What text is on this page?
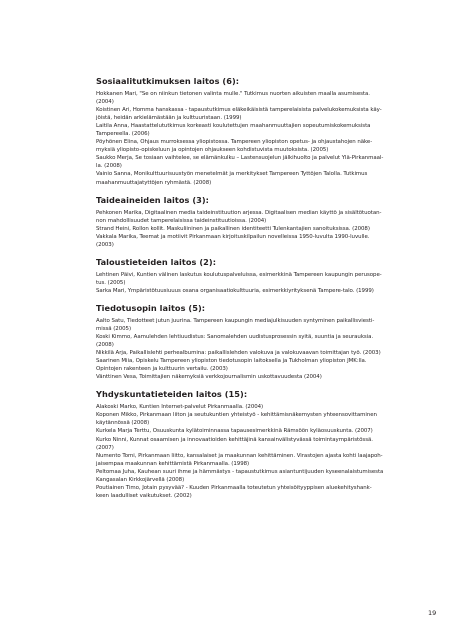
Sosiaalitutkimuksen laitos (6):
Hokkanen Mari, "Se on niinkun tietonen valinta mulle." Tutkimus nuorten aikuisten maalla asumisesta.
(2004)
Koistinen Ari, Homma hanskassa - tapaustutkimus eläkeikäisistä tamperelaisista palvelukokemuksista käy-
jöistä, heidän arkielämästään ja kulttuuristaan. (1999)
Laitila Anna, Haastattelututkimus korkeasti koulutettujen maahanmuuttajien sopeutumiskokemuksista
Tampereella. (2006)
Pöyhönen Elina, Ohjaus murroksessa yliopistossa. Tampereen yliopiston opetus- ja ohjaustahojen näke-
myksiä yliopisto-opiskeluun ja opintojen ohjaukseen kohdistuvista muutoksista. (2005)
Saukko Merja, Se tosiaan vaihtelee, se elämänkulku – Lastensuojelun jälkihuolto ja palvelut Ylä-Pirkanmaal-
la. (2008)
Vainio Sanna, Monikulttuurisuustyön menetelmät ja merkitykset Tampereen Tyttöjen Talolla. Tutkimus
maahanmuuttajatyttöjen ryhmästä. (2008)
Taideaineiden laitos (3):
Pehkonen Marika, Digitaalinen media taideinstituution arjessa. Digitaalisen median käyttö ja sisältötuotan-
non mahdollisuudet tamperelaisissa taideinstituutioissa. (2004)
Strand Heini, Rollon kollit. Maskuliininen ja paikallinen identiteetti Tulenkantajien sanoituksissa. (2008)
Vakkala Marika, Teemat ja motiivit Pirkanmaan kirjoituskilpailun novelleissa 1950-luvulta 1990-luvulle.
(2003)
Taloustieteiden laitos (2):
Lehtinen Päivi, Kuntien välinen laskutus koulutuspalveluissa, esimerkkinä Tampereen kaupungin perusope-
tus. (2005)
Sarka Mari, Ympäristötuusiuuus osana organisaatiokulttuuria, esimerkkiyrityksenä Tampere-talo. (1999)
Tiedotusopin laitos (5):
Aalto Satu, Tiedotteet jutun juurina. Tampereen kaupungin mediajulkisuuden syntyminen paikallisviesti-
missä (2005)
Koski Kimmo, Aamulehden lehtiuudistus: Sanomalehden uudistusprosessin syitä, suuntia ja seurauksia.
(2008)
Nikkilä Arja, Paikallislehti perhealbumina: paikallislehden valokuva ja valokuvaavan toimittajan työ. (2003)
Saarinen Miia, Opiskelu Tampereen yliopiston tiedotusopin laitoksella ja Tukholman yliopiston JMK:lla.
Opintojen rakenteen ja kulttuurin vertailu. (2003)
Vänttinen Vesa, Toimittajien näkemyksiä verkkojournalismin uskottavuudesta (2004)
Yhdyskuntatieteiden laitos (15):
Alakoski Marko, Kuntien Internet-palvelut Pirkanmaalla. (2004)
Koponen Mikko, Pirkanmaan liiton ja seutukuntien yhteistyö - kehittämisnäkemysten yhteensovittaminen
käytännössä (2008)
Kurkela Marja Terttu, Osuuskunta kylätoiminnassa tapausesimerkkinä Rämsöön kyläosuuskunta. (2007)
Kurko Ninni, Kunnat osaamisen ja innovaatioiden kehittäjinä kansainvälistyvässä toimintaympäristössä.
(2007)
Numento Tomi, Pirkanmaan liitto, kansalaiset ja maakunnan kehittäminen. Virastojen ajasta kohti laajapoh-
jaisempaa maakunnan kehittämistä Pirkanmaalla. (1998)
Peltomaa Juha, Kauhean suuri ihme ja hämmästys - tapaustutkimus asiantuntijuuden kyseenalaistumisesta
Kangasalan Kirkkojärvellä (2008)
Poutiainen Timo, Jotain pysyvää? - Kuuden Pirkanmaalla toteutetun yhteisöityyppisen aluekehityshank-
keen laadulliset vaikutukset. (2002)
19
